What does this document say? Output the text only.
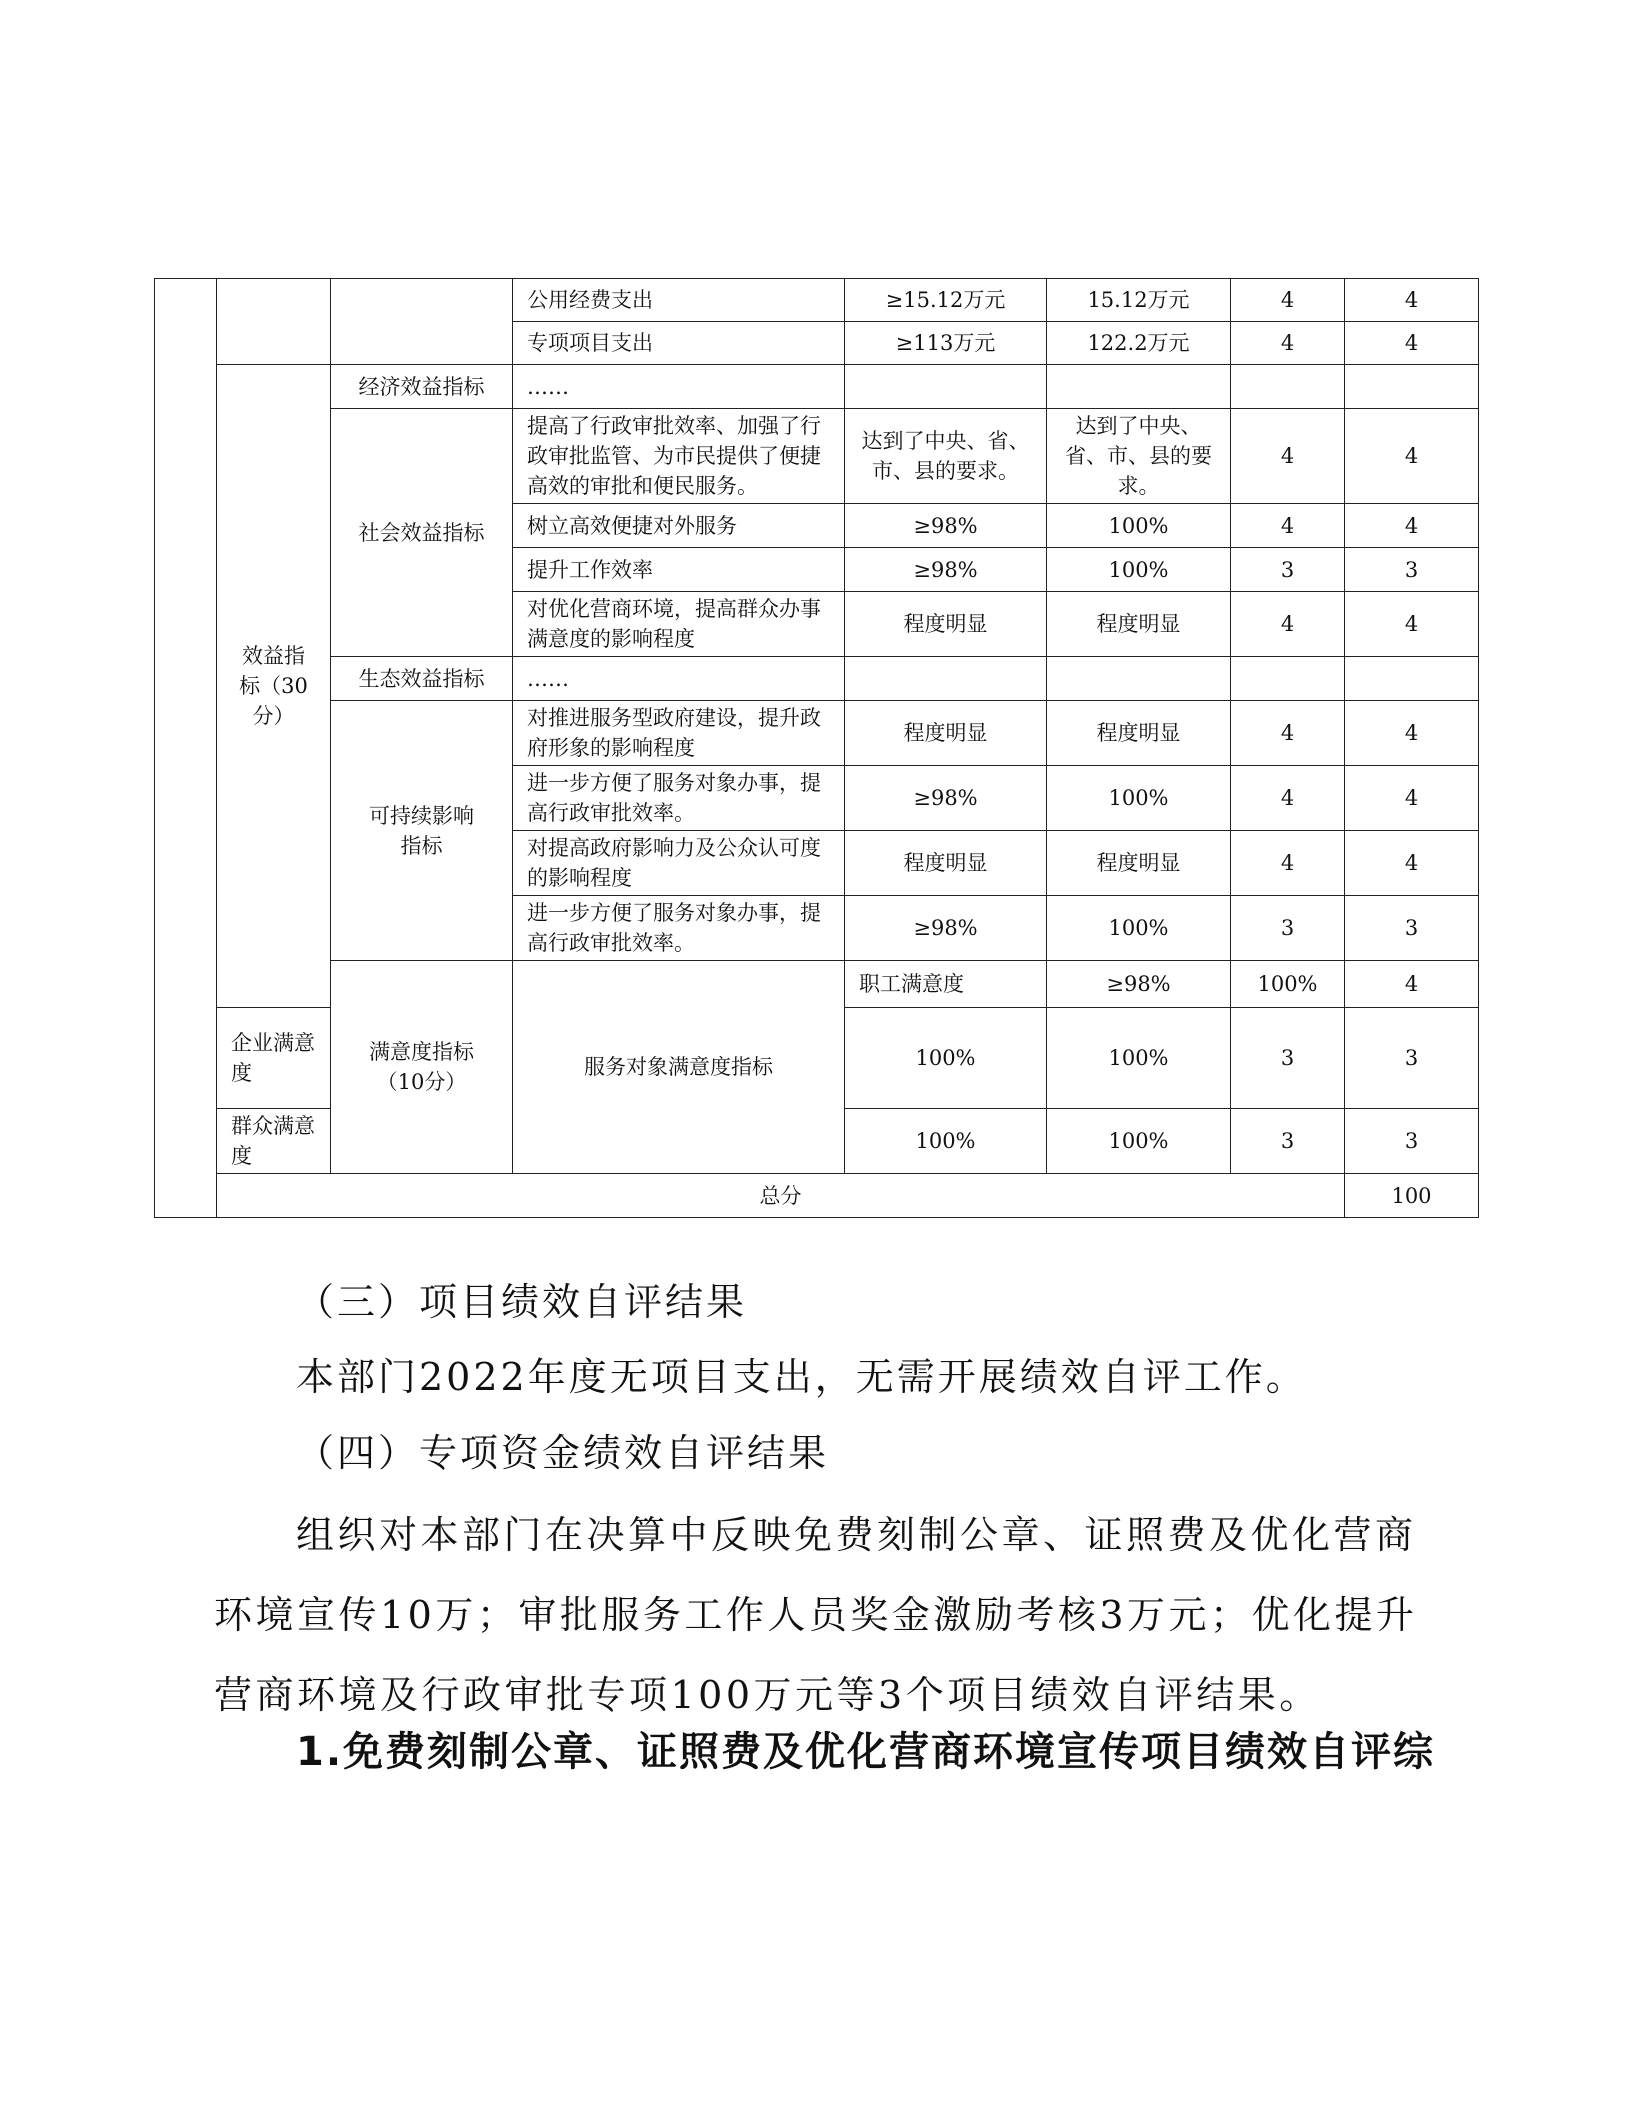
			公用经费支出	≥15.12万元	15.12万元	4	4	
			专项项目支出	≥113万元	122.2万元	4	4	
	效益指标（30分）	经济效益指标	……					
		社会效益指标	提高了行政审批效率、加强了行政审批监管、为市民提供了便捷高效的审批和便民服务。	达到了中央、省、市、县的要求。	达到了中央、省、市、县的要求。	4	4	
			树立高效便捷对外服务	≥98%	100%	4	4	
			提升工作效率	≥98%	100%	3	3	
			对优化营商环境，提高群众办事满意度的影响程度	程度明显	程度明显	4	4	
		生态效益指标	……					
		可持续影响指标	对推进服务型政府建设，提升政府形象的影响程度	程度明显	程度明显	4	4	
			进一步方便了服务对象办事，提高行政审批效率。	≥98%	100%	4	4	
			对提高政府影响力及公众认可度的影响程度	程度明显	程度明显	4	4	
			进一步方便了服务对象办事，提高行政审批效率。	≥98%	100%	3	3	
		满意度指标（10分）	服务对象满意度指标	职工满意度	≥98%	100%	4	
	企业满意度			100%	100%	3	3	
	群众满意度			100%	100%	3	3	
	总分						100	
（三）项目绩效自评结果
本部门2022年度无项目支出，无需开展绩效自评工作。
（四）专项资金绩效自评结果
组织对本部门在决算中反映免费刻制公章、证照费及优化营商环境宣传10万；审批服务工作人员奖金激励考核3万元；优化提升营商环境及行政审批专项100万元等3个项目绩效自评结果。
1.免费刻制公章、证照费及优化营商环境宣传项目绩效自评综
